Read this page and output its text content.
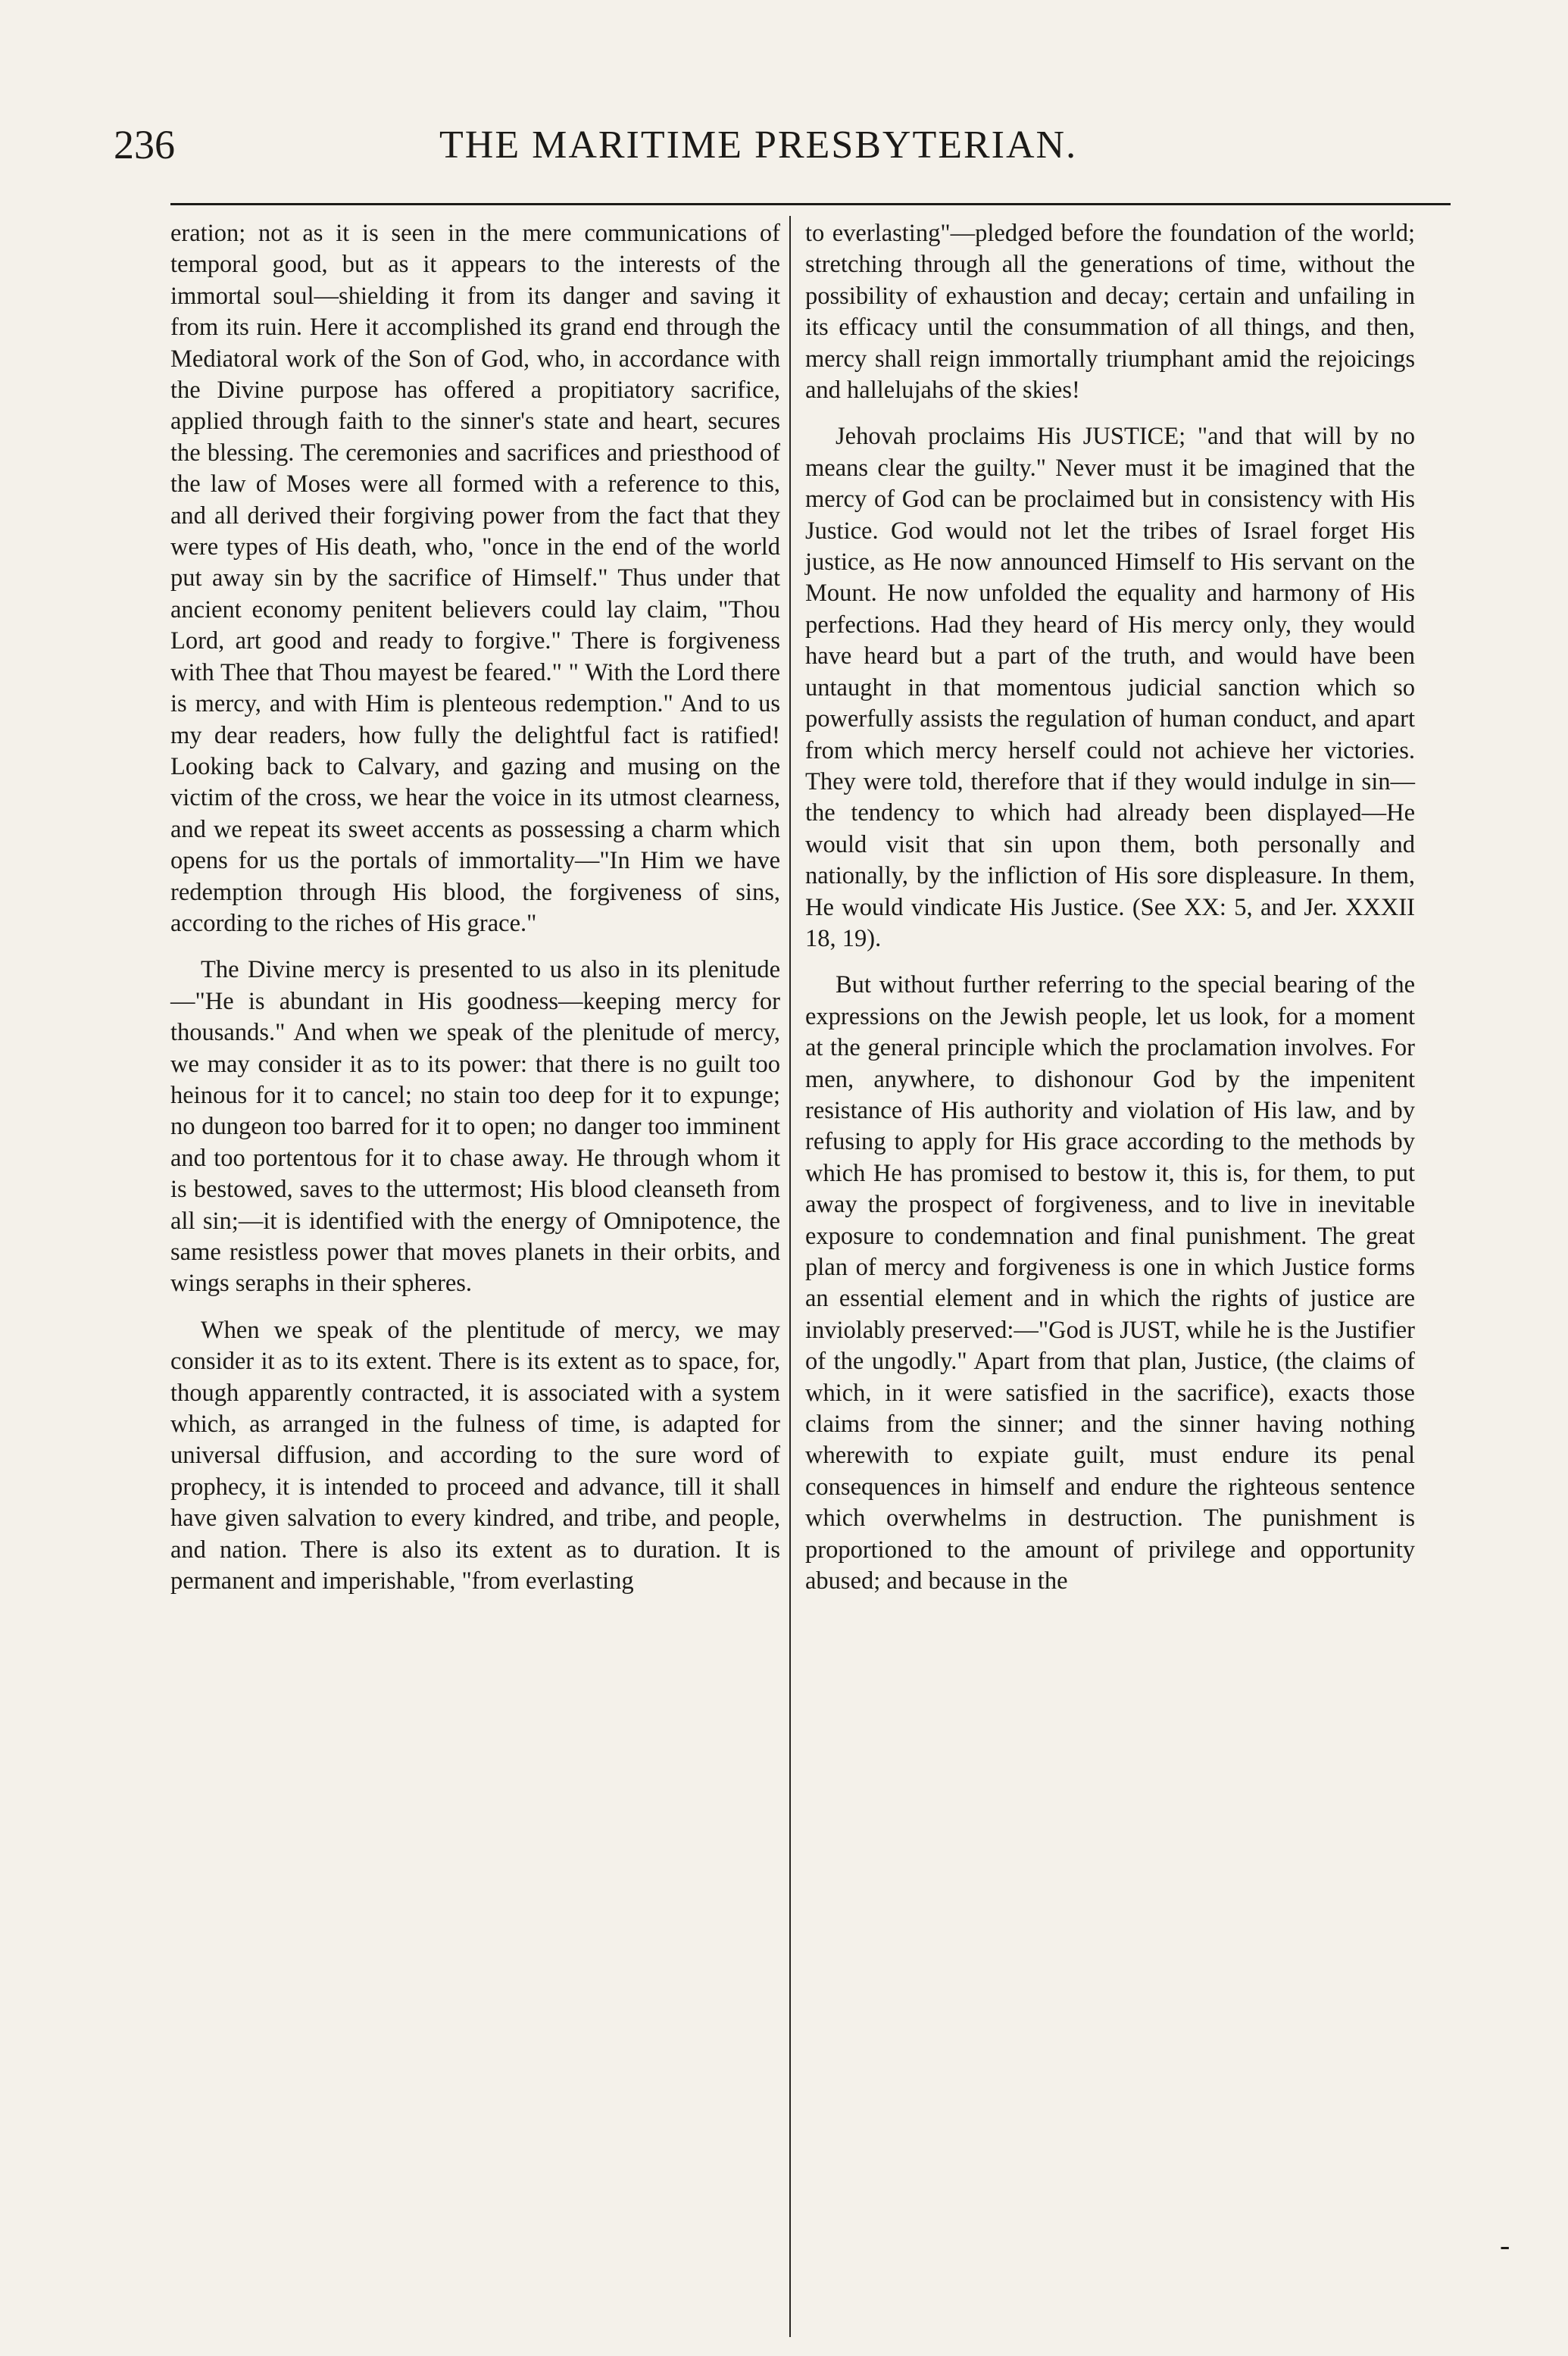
236	THE MARITIME PRESBYTERIAN.

eration; not as it is seen in the mere communications of temporal good, but as it appears to the interests of the immortal soul—shielding it from its danger and saving it from its ruin. Here it accomplished its grand end through the Mediatoral work of the Son of God, who, in accordance with the Divine purpose has offered a propitiatory sacrifice, applied through faith to the sinner's state and heart, secures the blessing. The ceremonies and sacrifices and priesthood of the law of Moses were all formed with a reference to this, and all derived their forgiving power from the fact that they were types of His death, who, "once in the end of the world put away sin by the sacrifice of Himself." Thus under that ancient economy penitent believers could lay claim, "Thou Lord, art good and ready to forgive." There is forgiveness with Thee that Thou mayest be feared." " With the Lord there is mercy, and with Him is plenteous redemption." And to us my dear readers, how fully the delightful fact is ratified! Looking back to Calvary, and gazing and musing on the victim of the cross, we hear the voice in its utmost clearness, and we repeat its sweet accents as possessing a charm which opens for us the portals of immortality—"In Him we have redemption through His blood, the forgiveness of sins, according to the riches of His grace."

The Divine mercy is presented to us also in its plenitude—"He is abundant in His goodness—keeping mercy for thousands." And when we speak of the plenitude of mercy, we may consider it as to its power: that there is no guilt too heinous for it to cancel; no stain too deep for it to expunge; no dungeon too barred for it to open; no danger too imminent and too portentous for it to chase away. He through whom it is bestowed, saves to the uttermost; His blood cleanseth from all sin;—it is identified with the energy of Omnipotence, the same resistless power that moves planets in their orbits, and wings seraphs in their spheres.

When we speak of the plentitude of mercy, we may consider it as to its extent. There is its extent as to space, for, though apparently contracted, it is associated with a system which, as arranged in the fulness of time, is adapted for universal diffusion, and according to the sure word of prophecy, it is intended to proceed and advance, till it shall have given salvation to every kindred, and tribe, and people, and nation. There is also its extent as to duration. It is permanent and imperishable, "from everlasting

to everlasting"—pledged before the foundation of the world; stretching through all the generations of time, without the possibility of exhaustion and decay; certain and unfailing in its efficacy until the consummation of all things, and then, mercy shall reign immortally triumphant amid the rejoicings and hallelujahs of the skies!

Jehovah proclaims His JUSTICE; "and that will by no means clear the guilty." Never must it be imagined that the mercy of God can be proclaimed but in consistency with His Justice. God would not let the tribes of Israel forget His justice, as He now announced Himself to His servant on the Mount. He now unfolded the equality and harmony of His perfections. Had they heard of His mercy only, they would have heard but a part of the truth, and would have been untaught in that momentous judicial sanction which so powerfully assists the regulation of human conduct, and apart from which mercy herself could not achieve her victories. They were told, therefore that if they would indulge in sin—the tendency to which had already been displayed—He would visit that sin upon them, both personally and nationally, by the infliction of His sore displeasure. In them, He would vindicate His Justice. (See XX: 5, and Jer. XXXII 18, 19).

But without further referring to the special bearing of the expressions on the Jewish people, let us look, for a moment at the general principle which the proclamation involves. For men, anywhere, to dishonour God by the impenitent resistance of His authority and violation of His law, and by refusing to apply for His grace according to the methods by which He has promised to bestow it, this is, for them, to put away the prospect of forgiveness, and to live in inevitable exposure to condemnation and final punishment. The great plan of mercy and forgiveness is one in which Justice forms an essential element and in which the rights of justice are inviolably preserved:—"God is JUST, while he is the Justifier of the ungodly." Apart from that plan, Justice, (the claims of which, in it were satisfied in the sacrifice), exacts those claims from the sinner; and the sinner having nothing wherewith to expiate guilt, must endure its penal consequences in himself and endure the righteous sentence which overwhelms in destruction. The punishment is proportioned to the amount of privilege and opportunity abused; and because in the

-
